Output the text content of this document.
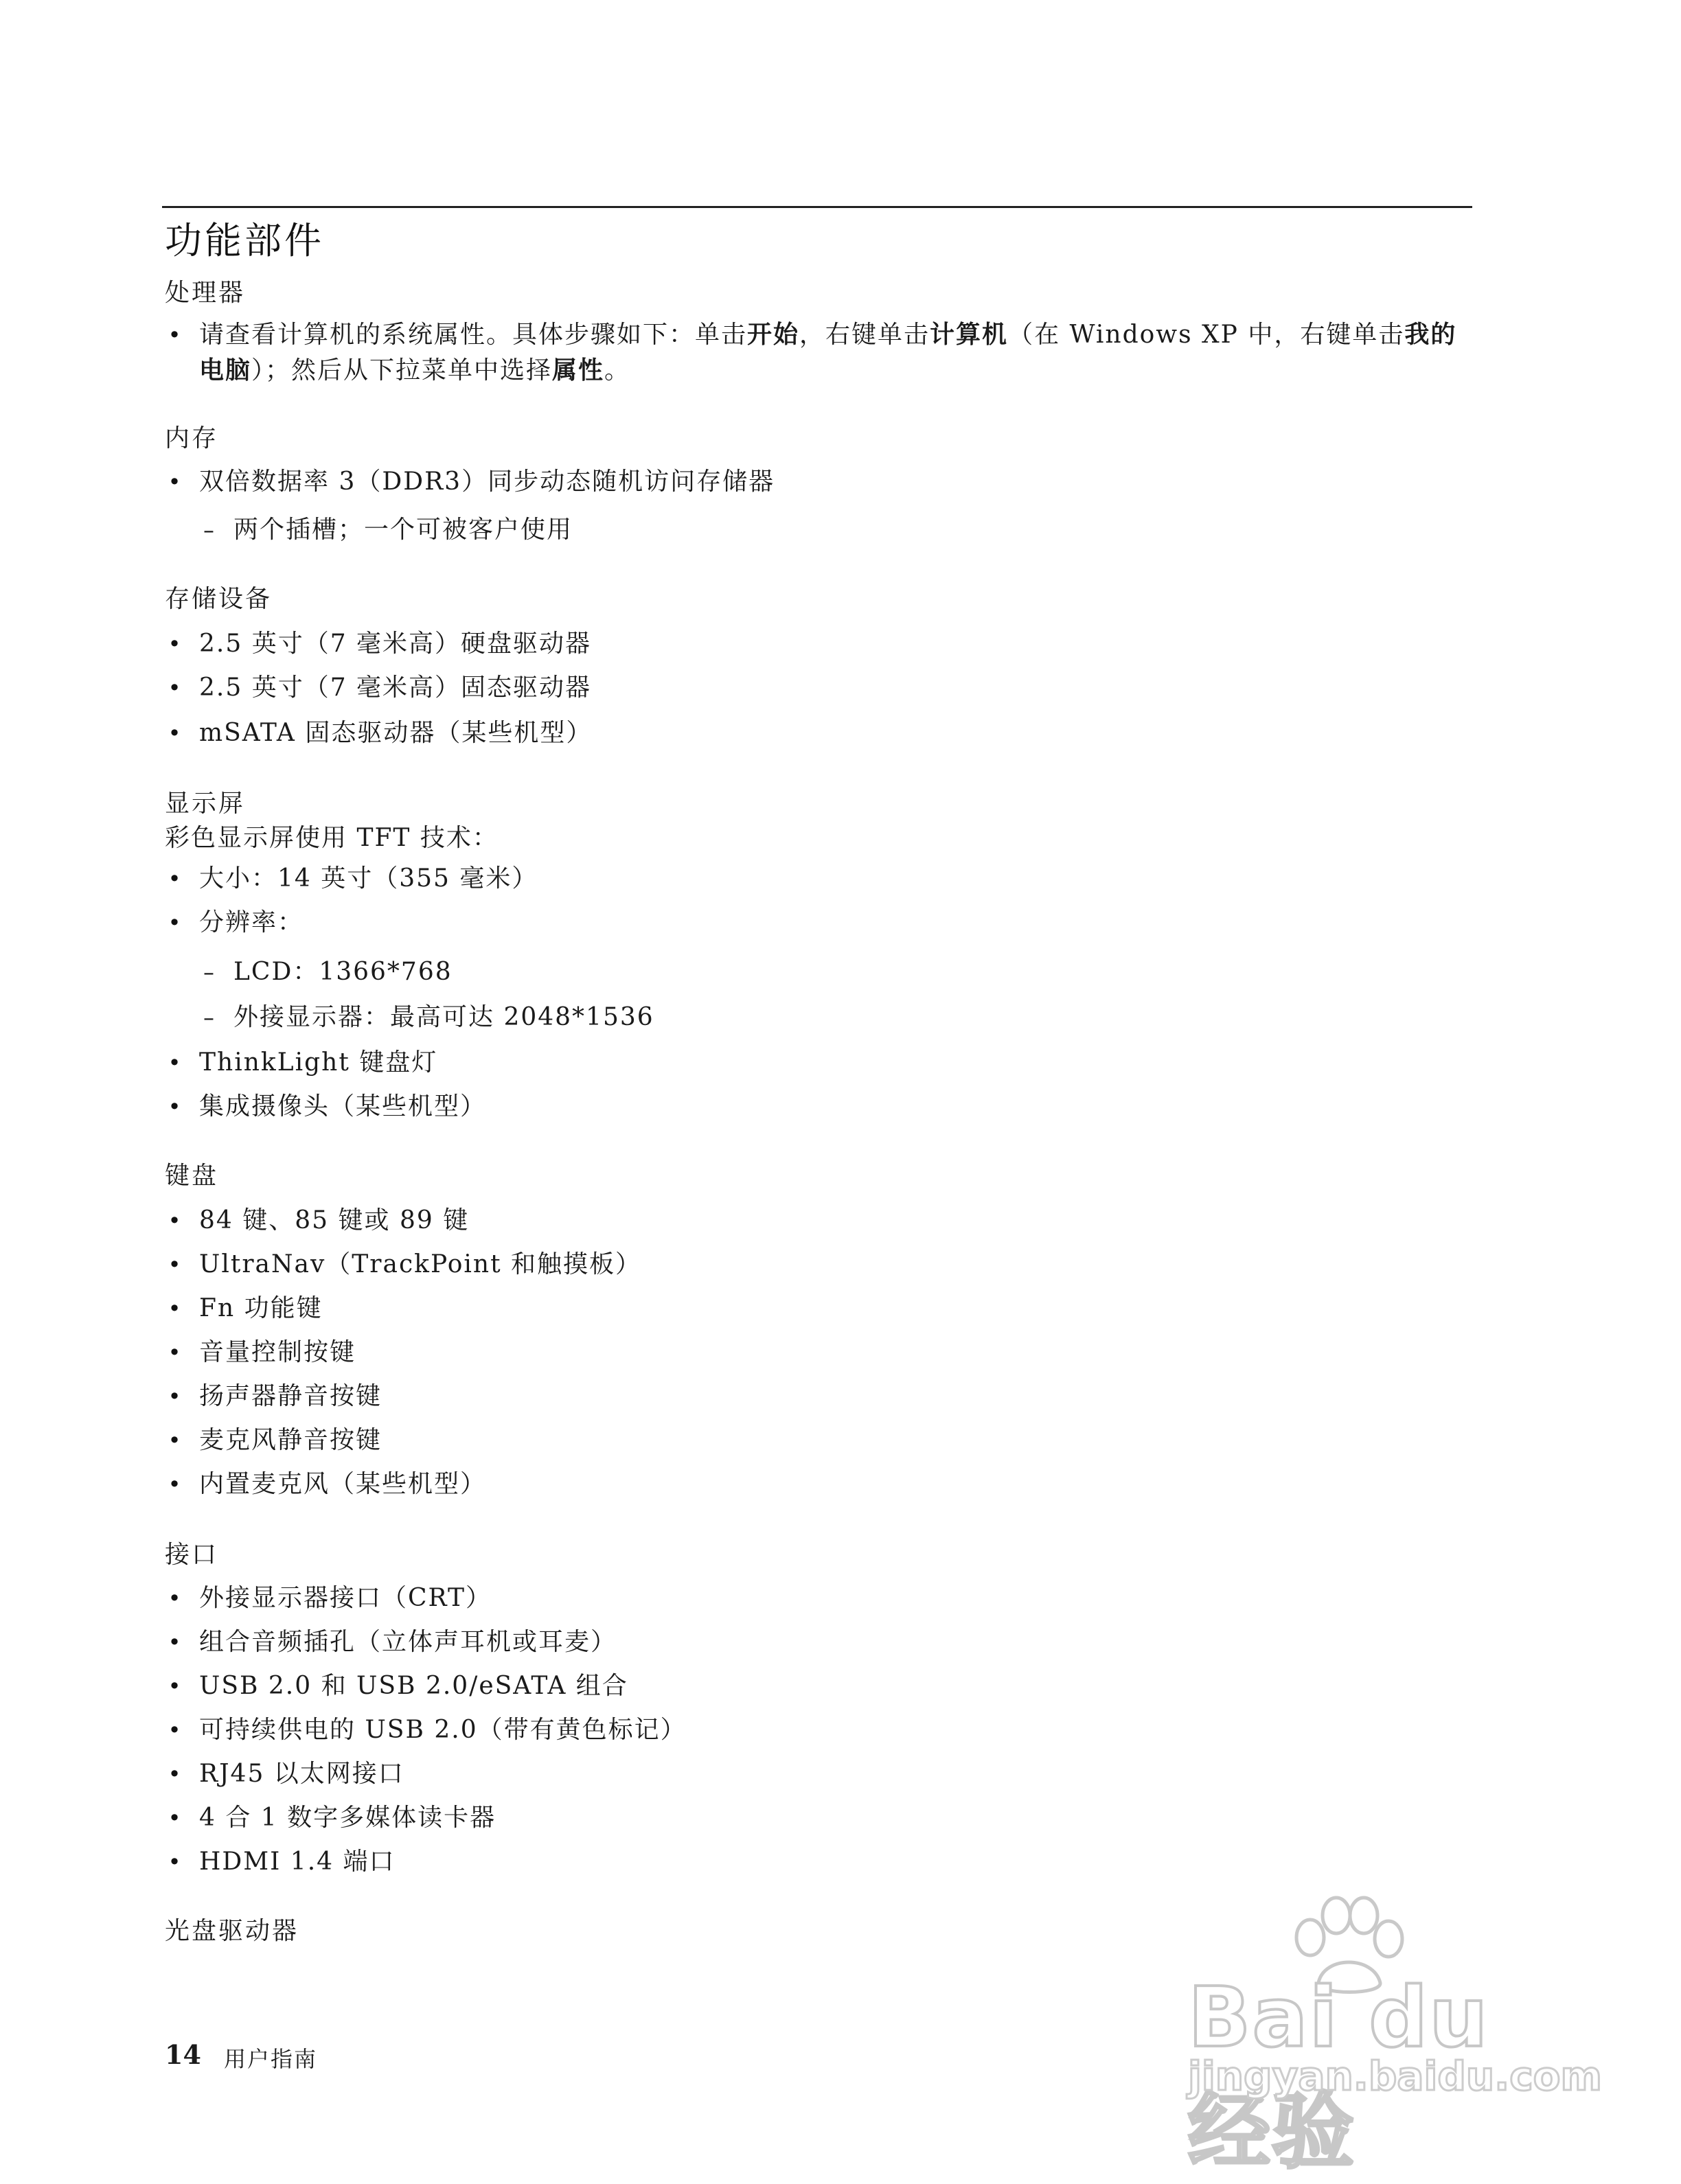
功能部件
处理器

• 请查看计算机的系统属性。具体步骤如下：单击开始，右键单击计算机（在 Windows XP 中，右键单击我的电脑）；然后从下拉菜单中选择属性。

内存

• 双倍数据率 3（DDR3）同步动态随机访问存储器

– 两个插槽；一个可被客户使用

存储设备

• 2.5 英寸（7 毫米高）硬盘驱动器

• 2.5 英寸（7 毫米高）固态驱动器

• mSATA 固态驱动器（某些机型）

显示屏

彩色显示屏使用 TFT 技术：

• 大小：14 英寸（355 毫米）

• 分辨率：

– LCD：1366*768

– 外接显示器：最高可达 2048*1536

• ThinkLight 键盘灯

• 集成摄像头（某些机型）

键盘

• 84 键、85 键或 89 键

• UltraNav（TrackPoint 和触摸板）

• Fn 功能键

• 音量控制按键

• 扬声器静音按键

• 麦克风静音按键

• 内置麦克风（某些机型）

接口

• 外接显示器接口（CRT）

• 组合音频插孔（立体声耳机或耳麦）

• USB 2.0 和 USB 2.0/eSATA 组合

• 可持续供电的 USB 2.0（带有黄色标记）

• RJ45 以太网接口

• 4 合 1 数字多媒体读卡器

• HDMI 1.4 端口

光盘驱动器
14 用户指南	Bai du 经验
jingyan.baidu.com
